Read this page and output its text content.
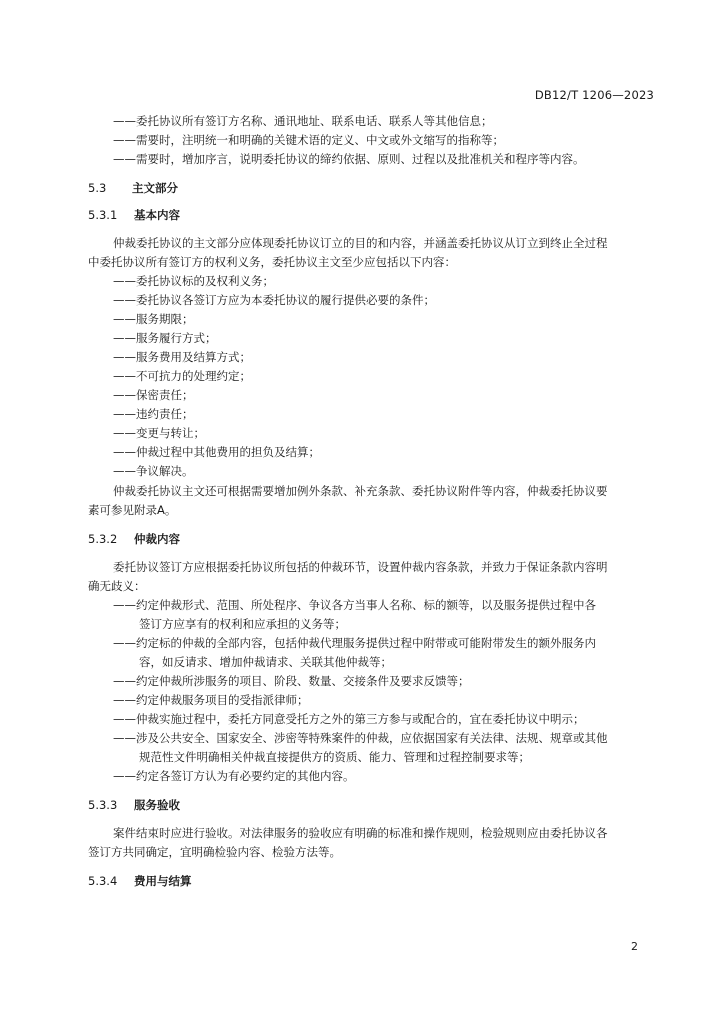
DB12/T 1206—2023
——委托协议所有签订方名称、通讯地址、联系电话、联系人等其他信息；
——需要时，注明统一和明确的关键术语的定义、中文或外文缩写的指称等；
——需要时，增加序言，说明委托协议的缔约依据、原则、过程以及批准机关和程序等内容。
5.3 主文部分
5.3.1 基本内容
仲裁委托协议的主文部分应体现委托协议订立的目的和内容，并涵盖委托协议从订立到终止全过程
中委托协议所有签订方的权利义务，委托协议主文至少应包括以下内容：
——委托协议标的及权利义务；
——委托协议各签订方应为本委托协议的履行提供必要的条件；
——服务期限；
——服务履行方式；
——服务费用及结算方式；
——不可抗力的处理约定；
——保密责任；
——违约责任；
——变更与转让；
——仲裁过程中其他费用的担负及结算；
——争议解决。
仲裁委托协议主文还可根据需要增加例外条款、补充条款、委托协议附件等内容，仲裁委托协议要
素可参见附录A。
5.3.2 仲裁内容
委托协议签订方应根据委托协议所包括的仲裁环节，设置仲裁内容条款，并致力于保证条款内容明
确无歧义：
——约定仲裁形式、范围、所处程序、争议各方当事人名称、标的额等，以及服务提供过程中各
签订方应享有的权利和应承担的义务等；
——约定标的仲裁的全部内容，包括仲裁代理服务提供过程中附带或可能附带发生的额外服务内
容，如反请求、增加仲裁请求、关联其他仲裁等；
——约定仲裁所涉服务的项目、阶段、数量、交接条件及要求反馈等；
——约定仲裁服务项目的受指派律师；
——仲裁实施过程中，委托方同意受托方之外的第三方参与或配合的，宜在委托协议中明示；
——涉及公共安全、国家安全、涉密等特殊案件的仲裁，应依据国家有关法律、法规、规章或其他
规范性文件明确相关仲裁直接提供方的资质、能力、管理和过程控制要求等；
——约定各签订方认为有必要约定的其他内容。
5.3.3 服务验收
案件结束时应进行验收。对法律服务的验收应有明确的标准和操作规则，检验规则应由委托协议各
签订方共同确定，宜明确检验内容、检验方法等。
5.3.4 费用与结算
2
